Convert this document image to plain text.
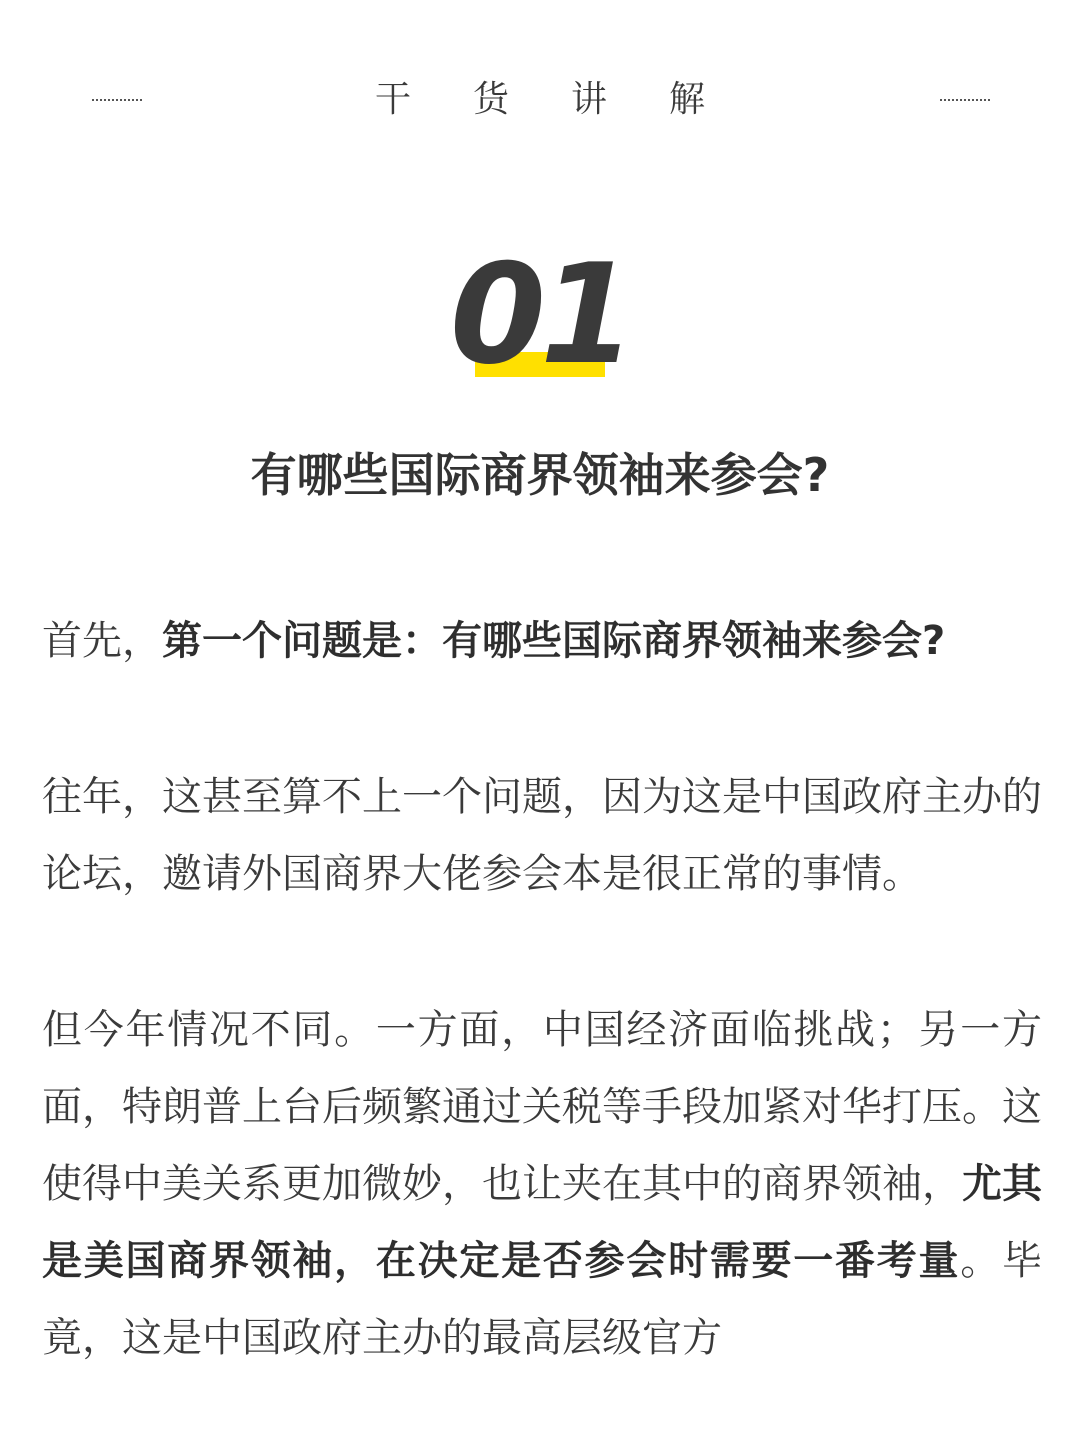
干货讲解
01
有哪些国际商界领袖来参会?

首先，第一个问题是：有哪些国际商界领袖来参会?

往年，这甚至算不上一个问题，因为这是中国政府主办的论坛，邀请外国商界大佬参会本是很正常的事情。

但今年情况不同。一方面，中国经济面临挑战；另一方面，特朗普上台后频繁通过关税等手段加紧对华打压。这使得中美关系更加微妙，也让夹在其中的商界领袖，尤其是美国商界领袖，在决定是否参会时需要一番考量。毕竟，这是中国政府主办的最高层级官方
